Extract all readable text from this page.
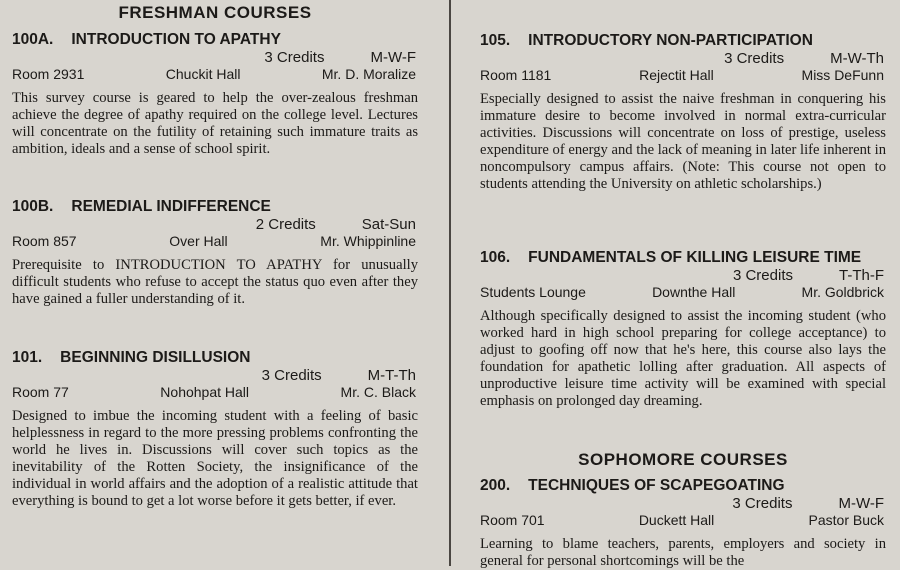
FRESHMAN COURSES
100A. INTRODUCTION TO APATHY
3 Credits	M-W-F
Room 2931	Chuckit Hall	Mr. D. Moralize

This survey course is geared to help the over-zealous freshman achieve the degree of apathy required on the college level. Lectures will concentrate on the futility of retaining such immature traits as ambition, ideals and a sense of school spirit.

100B. REMEDIAL INDIFFERENCE
2 Credits	Sat-Sun
Room 857	Over Hall	Mr. Whippinline

Prerequisite to INTRODUCTION TO APATHY for unusually difficult students who refuse to accept the status quo even after they have gained a fuller understanding of it.

101. BEGINNING DISILLUSION
3 Credits	M-T-Th
Room 77	Nohohpat Hall	Mr. C. Black

Designed to imbue the incoming student with a feeling of basic helplessness in regard to the more pressing problems confronting the world he lives in. Discussions will cover such topics as the inevitability of the Rotten Society, the insignificance of the individual in world affairs and the adoption of a realistic attitude that everything is bound to get a lot worse before it gets better, if ever.

105. INTRODUCTORY NON-PARTICIPATION
3 Credits	M-W-Th
Room 1181	Rejectit Hall	Miss DeFunn

Especially designed to assist the naive freshman in conquering his immature desire to become involved in normal extra-curricular activities. Discussions will concentrate on loss of prestige, useless expenditure of energy and the lack of meaning in later life inherent in noncompulsory campus affairs. (Note: This course not open to students attending the University on athletic scholarships.)

106. FUNDAMENTALS OF KILLING LEISURE TIME
3 Credits	T-Th-F
Students Lounge	Downthe Hall	Mr. Goldbrick

Although specifically designed to assist the incoming student (who worked hard in high school preparing for college acceptance) to adjust to goofing off now that he's here, this course also lays the foundation for apathetic lolling after graduation. All aspects of unproductive leisure time activity will be examined with special emphasis on prolonged day dreaming.

SOPHOMORE COURSES
200. TECHNIQUES OF SCAPEGOATING
3 Credits	M-W-F
Room 701	Duckett Hall	Pastor Buck

Learning to blame teachers, parents, employers and society in general for personal shortcomings will be the
